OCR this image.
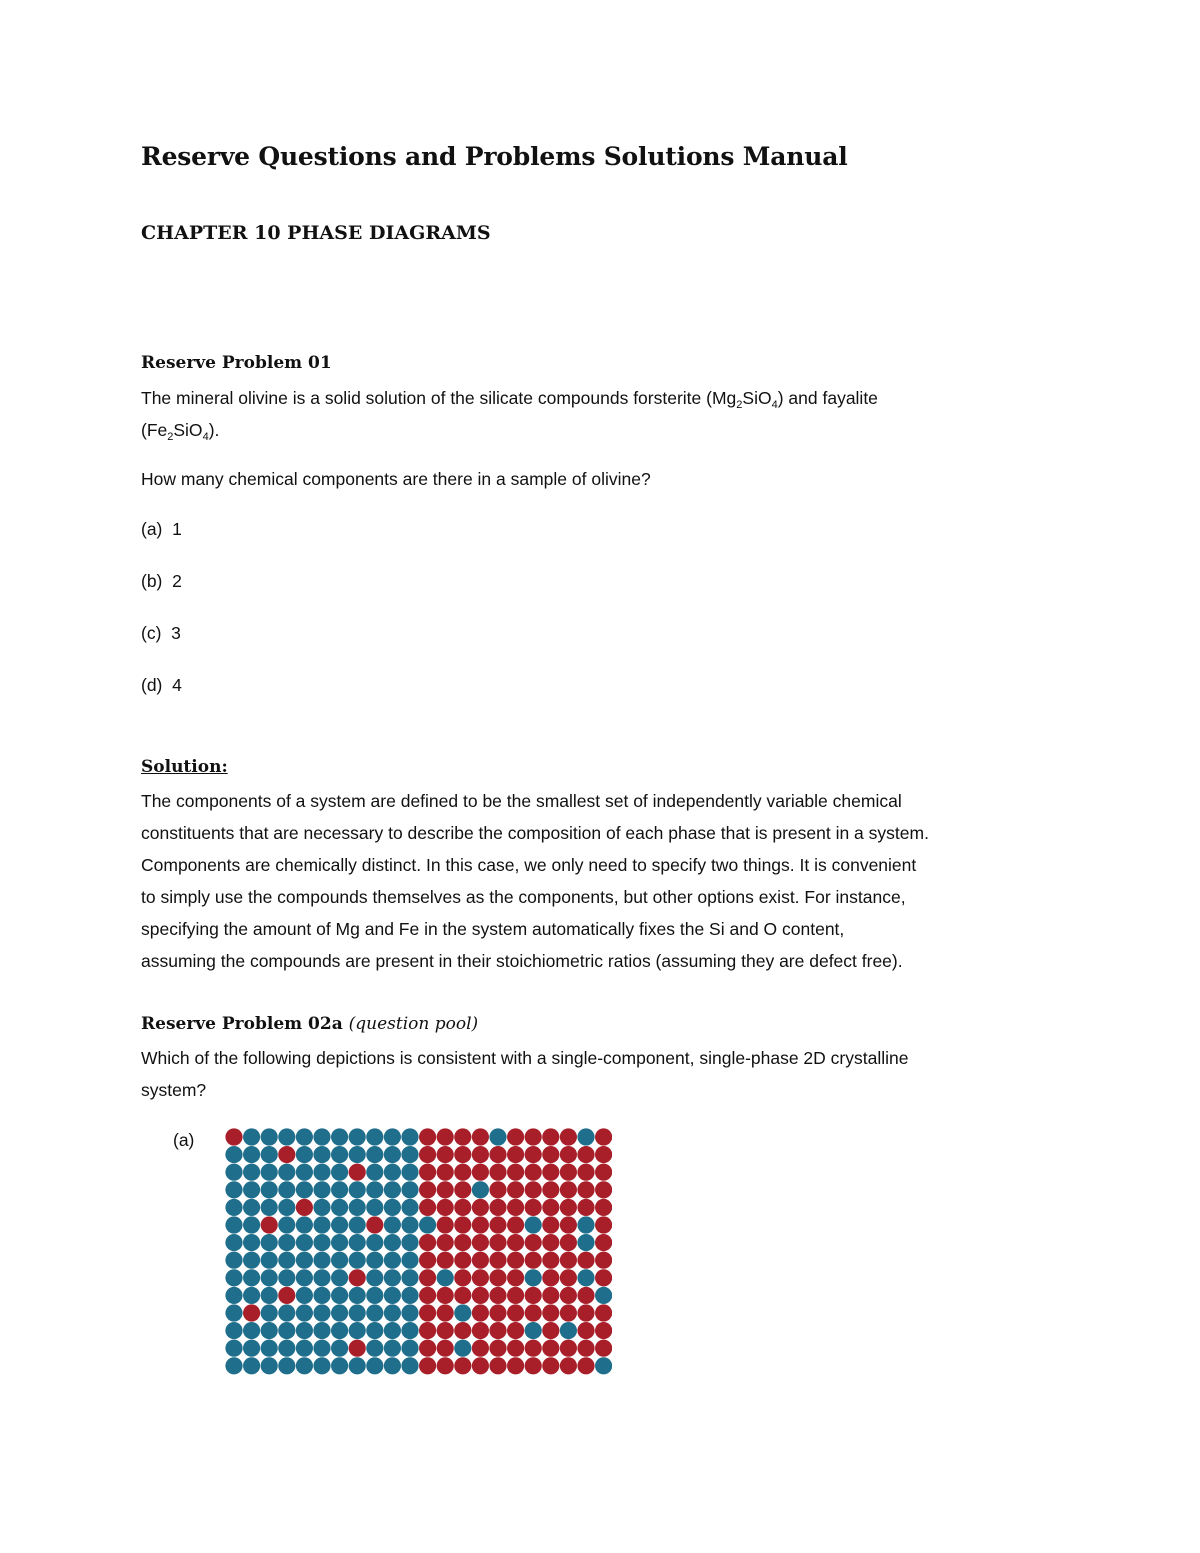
Reserve Questions and Problems Solutions Manual
CHAPTER 10 PHASE DIAGRAMS
Reserve Problem 01
The mineral olivine is a solid solution of the silicate compounds forsterite $(Mg_2SiO_4)$ and fayalite
$(Fe_2SiO_4)$.
How many chemical components are there in a sample of olivine?
(a) 1
(b) 2
(c) 3
(d) 4
Solution:
The components of a system are defined to be the smallest set of independently variable chemical
constituents that are necessary to describe the composition of each phase that is present in a system.
Components are chemically distinct. In this case, we only need to specify two things. It is convenient
to simply use the compounds themselves as the components, but other options exist. For instance,
specifying the amount of Mg and Fe in the system automatically fixes the Si and O content,
assuming the compounds are present in their stoichiometric ratios (assuming they are defect free).
Reserve Problem 02a (question pool)
Which of the following depictions is consistent with a single-component, single-phase 2D crystalline
system?
(a)
